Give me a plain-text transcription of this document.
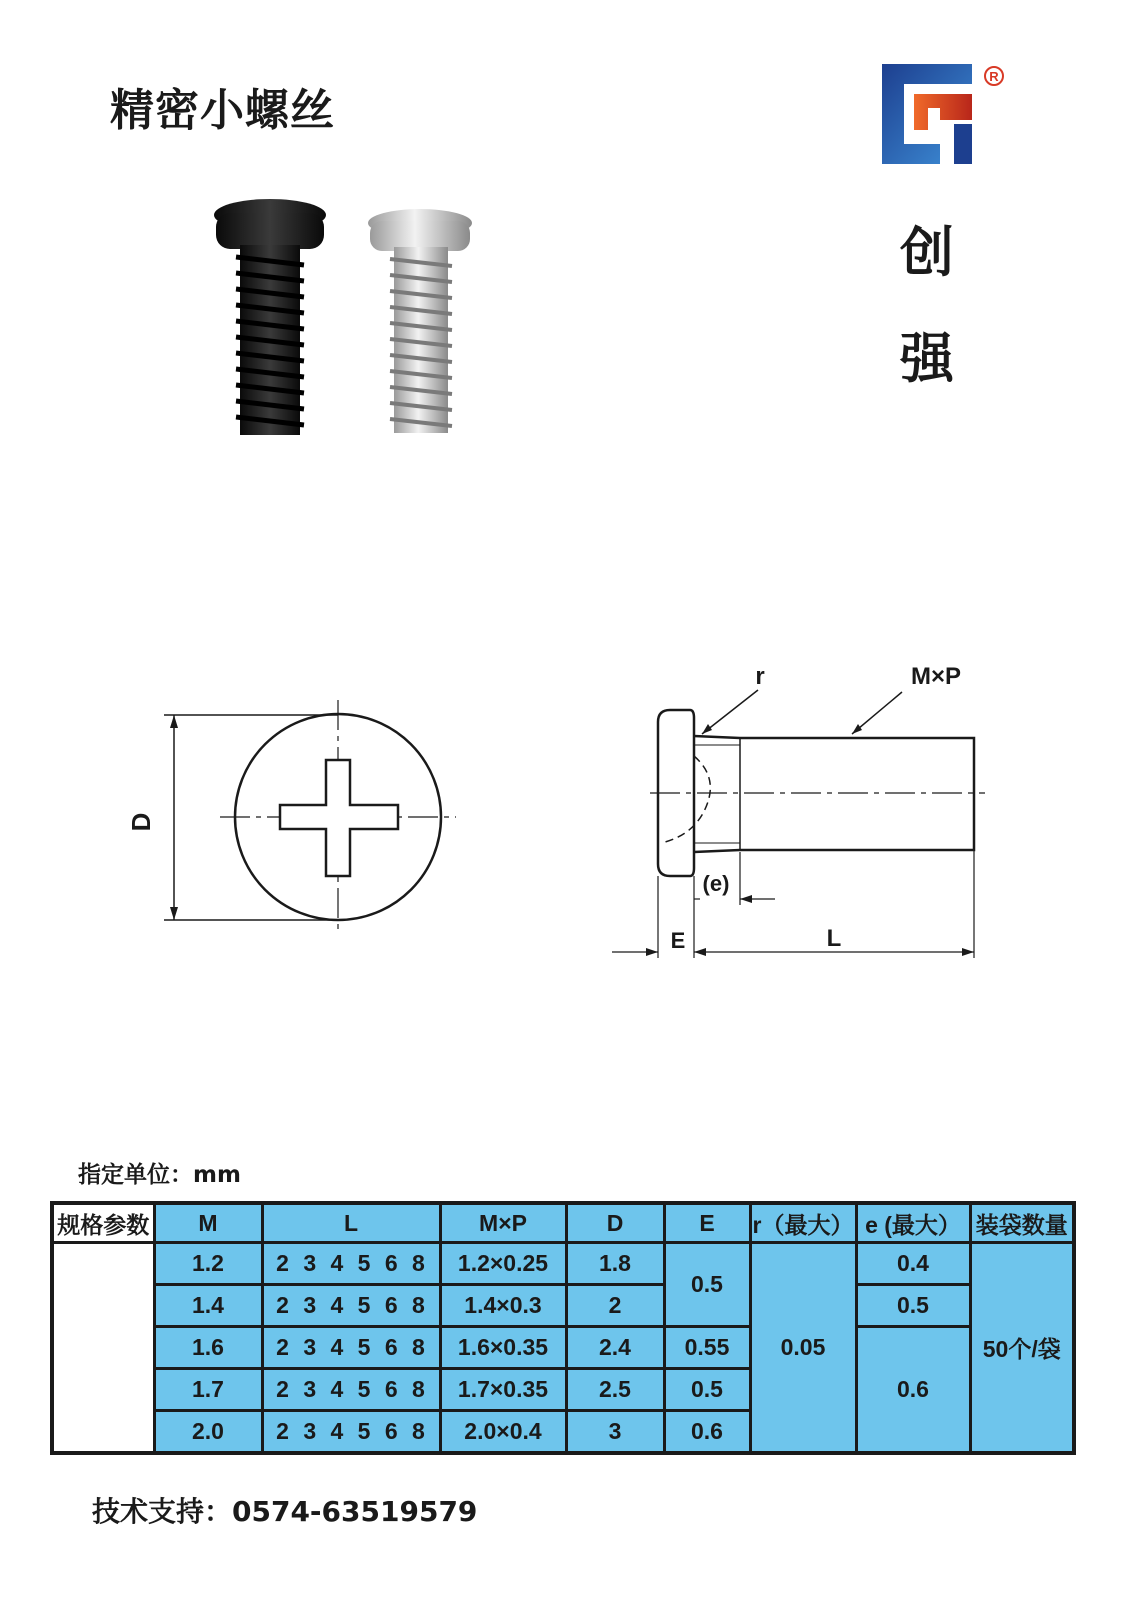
精密小螺丝
R
创
强
D
r	M×P
(e)
E	L
指定单位：mm
规格参数	M	L	M×P	D	E	r（最大）	e (最大）	装袋数量
	1.2	2 3 4 5 6 8	1.2×0.25	1.8	0.5	0.05	0.4	50个/袋
	1.4	2 3 4 5 6 8	1.4×0.3	2			0.5	
	1.6	2 3 4 5 6 8	1.6×0.35	2.4	0.55		0.6	
	1.7	2 3 4 5 6 8	1.7×0.35	2.5	0.5			
	2.0	2 3 4 5 6 8	2.0×0.4	3	0.6			
技术支持：0574-63519579
